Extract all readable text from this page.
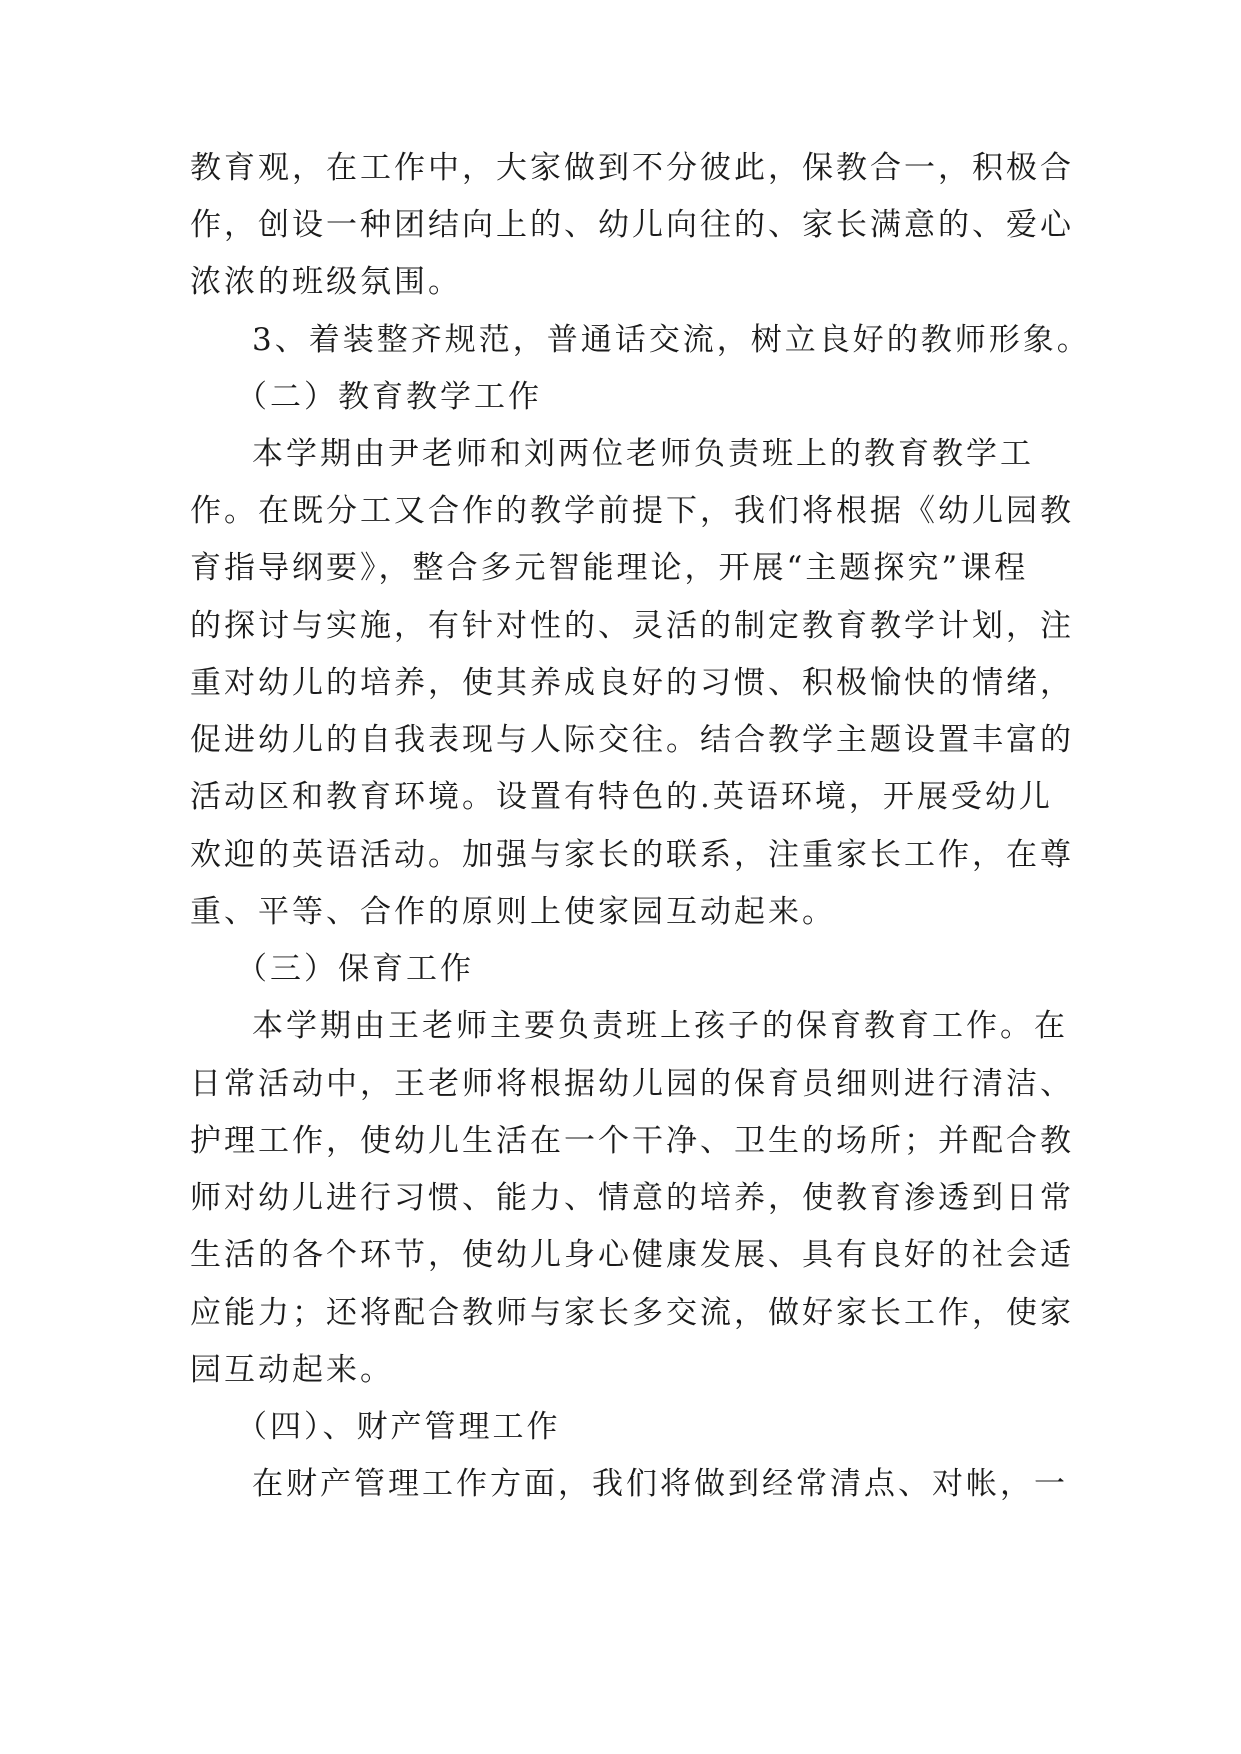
教育观，在工作中，大家做到不分彼此，保教合一，积极合
作，创设一种团结向上的、幼儿向往的、家长满意的、爱心
浓浓的班级氛围。
3、着装整齐规范，普通话交流，树立良好的教师形象。
（二）教育教学工作
本学期由尹老师和刘两位老师负责班上的教育教学工
作。在既分工又合作的教学前提下，我们将根据《幼儿园教
育指导纲要》，整合多元智能理论，开展“主题探究”课程
的探讨与实施，有针对性的、灵活的制定教育教学计划，注
重对幼儿的培养，使其养成良好的习惯、积极愉快的情绪，
促进幼儿的自我表现与人际交往。结合教学主题设置丰富的
活动区和教育环境。设置有特色的.英语环境，开展受幼儿
欢迎的英语活动。加强与家长的联系，注重家长工作，在尊
重、平等、合作的原则上使家园互动起来。
（三）保育工作
本学期由王老师主要负责班上孩子的保育教育工作。在
日常活动中，王老师将根据幼儿园的保育员细则进行清洁、
护理工作，使幼儿生活在一个干净、卫生的场所；并配合教
师对幼儿进行习惯、能力、情意的培养，使教育渗透到日常
生活的各个环节，使幼儿身心健康发展、具有良好的社会适
应能力；还将配合教师与家长多交流，做好家长工作，使家
园互动起来。
（四）、财产管理工作
在财产管理工作方面，我们将做到经常清点、对帐，一
